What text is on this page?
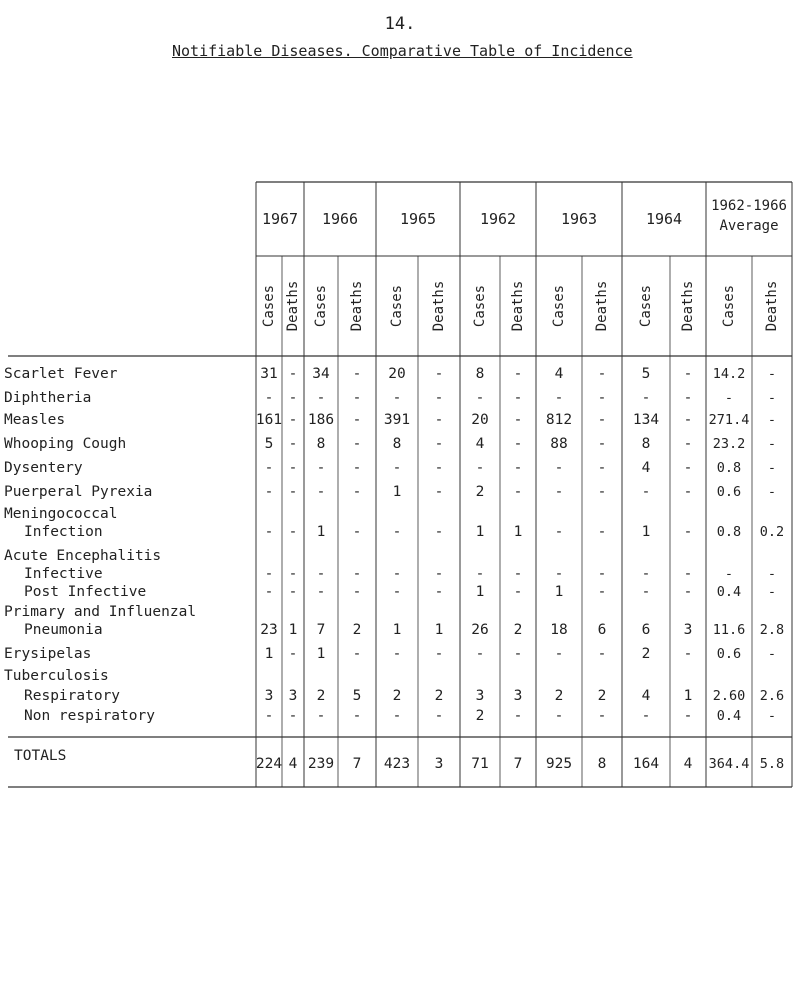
14.
Notifiable Diseases. Comparative Table of Incidence
1967 1966	1965	1962	1963	1964
1962-1966
Average
Cases Deaths Cases Deaths Cases Deaths Cases Deaths Cases Deaths Cases Deaths Cases Deaths
Scarlet Fever	31 - 34 - 20 - 8 - 4 - 5 - 14.2 -
Diphtheria	- - - - - - - - - - - - -	-
Measles	161 - 186 - 391 - 20 - 812 - 134 - 271.4 -
Whooping Cough	5 - 8 - 8 - 4 - 88 - 8 - 23.2 -
Dysentery	- - - - - - - - - - 4 - 0.8 -
Puerperal Pyrexia	- - - - 1 - 2 - - - - - 0.6 -
Meningococcal
Infection	- - 1 - - - 1 1 - - 1 - 0.8 0.2
Acute Encephalitis
Infective	- - - - - - - - - - - - -	-
Post Infective	- - - - - - 1 - 1 - - - 0.4 -
Primary and Influenzal
Pneumonia	23 1 7 2 1 1 26 2 18 6 6 3 11.6 2.8
Erysipelas	1 - 1 - - - - - - - 2 - 0.6 -
Tuberculosis
Respiratory	3 3 2 5 2 2 3 3 2 2 4 1 2.60 2.6
Non respiratory	- - - - - - 2 - - - - - 0.4 -
TOTALS	224 4 239 7 423 3 71 7 925 8 164 4 364.4 5.8
